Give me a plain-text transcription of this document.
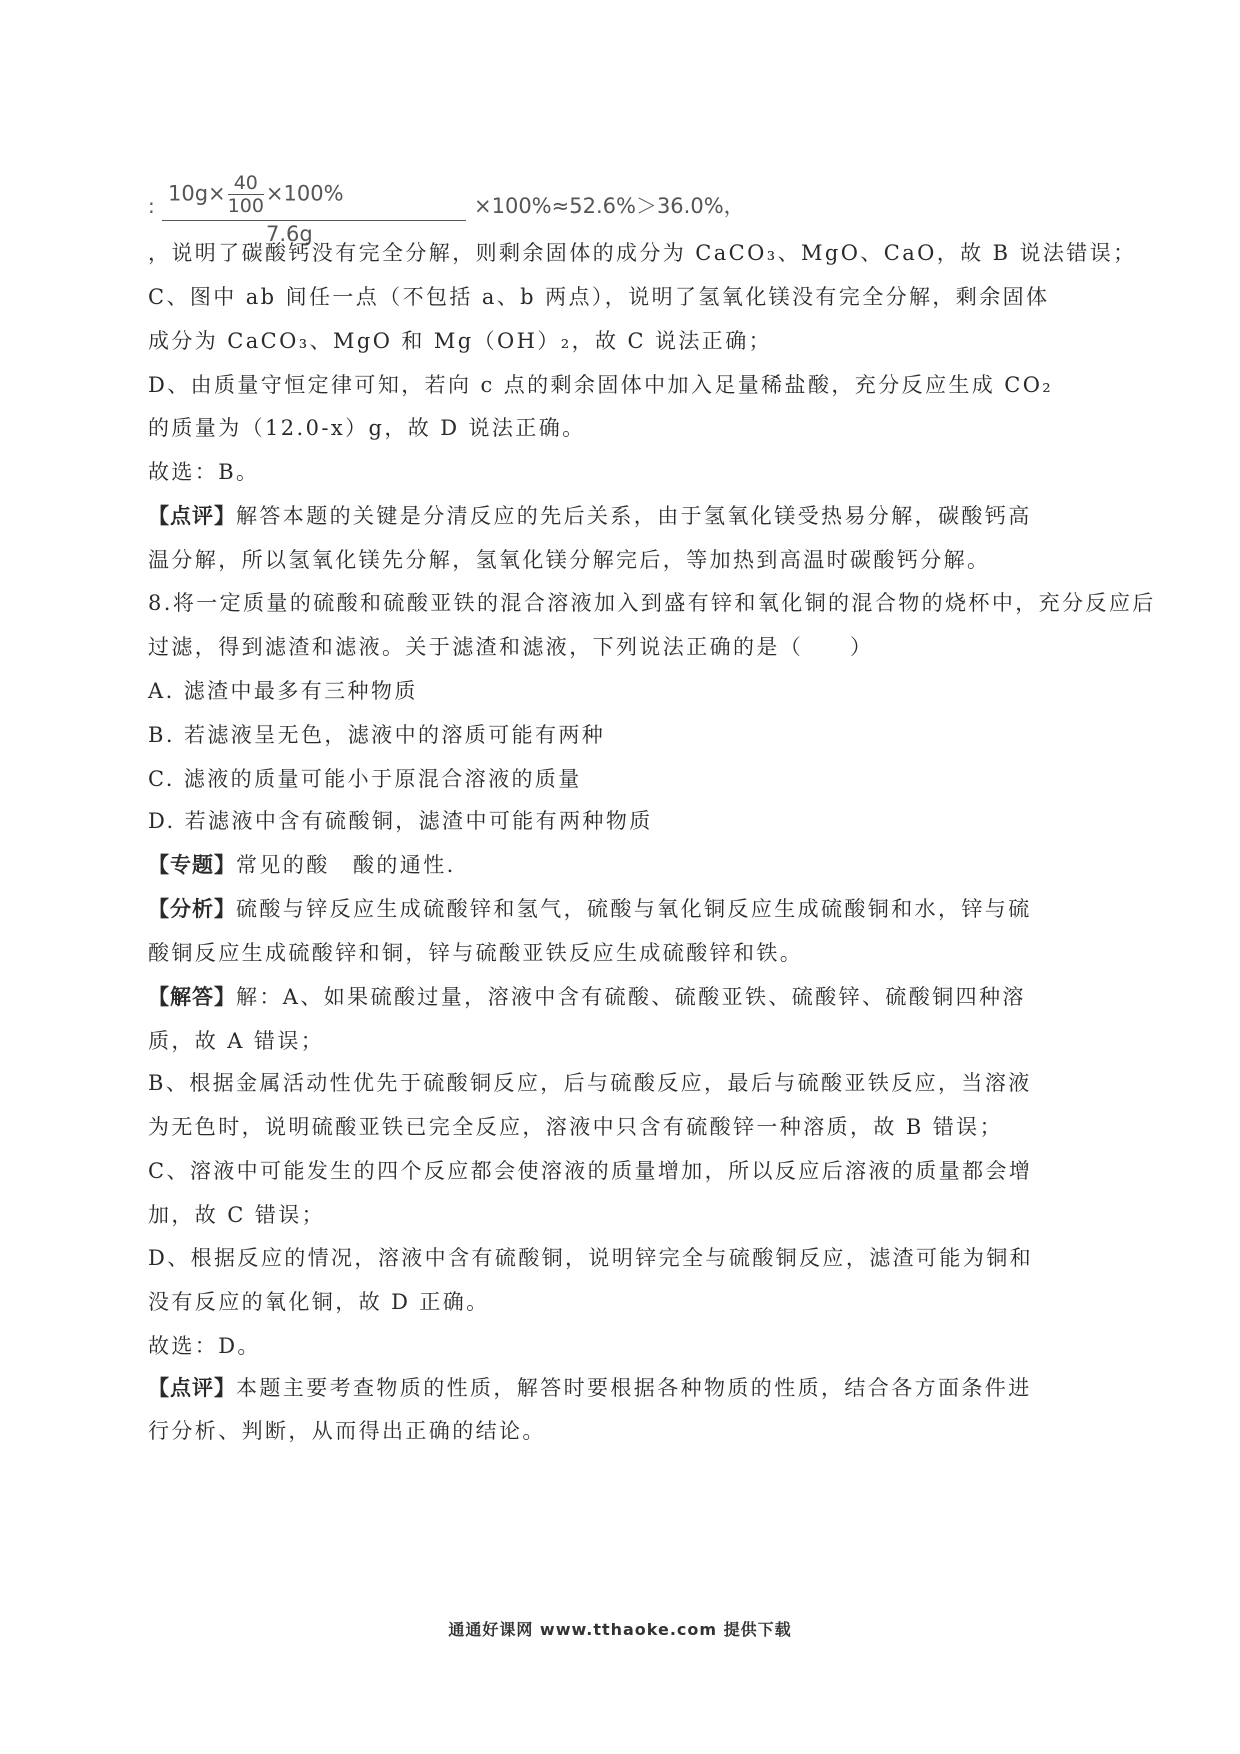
:
$10g\times \frac{40}{100} \times 100\%$
7.6g
×100%≈52.6%＞36.0%，
，说明了碳酸钙没有完全分解，则剩余固体的成分为 CaCO₃、MgO、CaO，故 B 说法错误；
C、图中 ab 间任一点（不包括 a、b 两点），说明了氢氧化镁没有完全分解，剩余固体
成分为 CaCO₃、MgO 和 Mg（OH）₂，故 C 说法正确；
D、由质量守恒定律可知，若向 c 点的剩余固体中加入足量稀盐酸，充分反应生成 CO₂
的质量为（12.0-x）g，故 D 说法正确。
故选：B。
【点评】解答本题的关键是分清反应的先后关系，由于氢氧化镁受热易分解，碳酸钙高
温分解，所以氢氧化镁先分解，氢氧化镁分解完后，等加热到高温时碳酸钙分解。
8.将一定质量的硫酸和硫酸亚铁的混合溶液加入到盛有锌和氧化铜的混合物的烧杯中，充分反应后
过滤，得到滤渣和滤液。关于滤渣和滤液，下列说法正确的是（　　）
A. 滤渣中最多有三种物质
B. 若滤液呈无色，滤液中的溶质可能有两种
C. 滤液的质量可能小于原混合溶液的质量
D. 若滤液中含有硫酸铜，滤渣中可能有两种物质
【专题】常见的酸　酸的通性.
【分析】硫酸与锌反应生成硫酸锌和氢气，硫酸与氧化铜反应生成硫酸铜和水，锌与硫
酸铜反应生成硫酸锌和铜，锌与硫酸亚铁反应生成硫酸锌和铁。
【解答】解：A、如果硫酸过量，溶液中含有硫酸、硫酸亚铁、硫酸锌、硫酸铜四种溶
质，故 A 错误；
B、根据金属活动性优先于硫酸铜反应，后与硫酸反应，最后与硫酸亚铁反应，当溶液
为无色时，说明硫酸亚铁已完全反应，溶液中只含有硫酸锌一种溶质，故 B 错误；
C、溶液中可能发生的四个反应都会使溶液的质量增加，所以反应后溶液的质量都会增
加，故 C 错误；
D、根据反应的情况，溶液中含有硫酸铜，说明锌完全与硫酸铜反应，滤渣可能为铜和
没有反应的氧化铜，故 D 正确。
故选：D。
【点评】本题主要考查物质的性质，解答时要根据各种物质的性质，结合各方面条件进
行分析、判断，从而得出正确的结论。
通通好课网 www.tthaoke.com 提供下载
